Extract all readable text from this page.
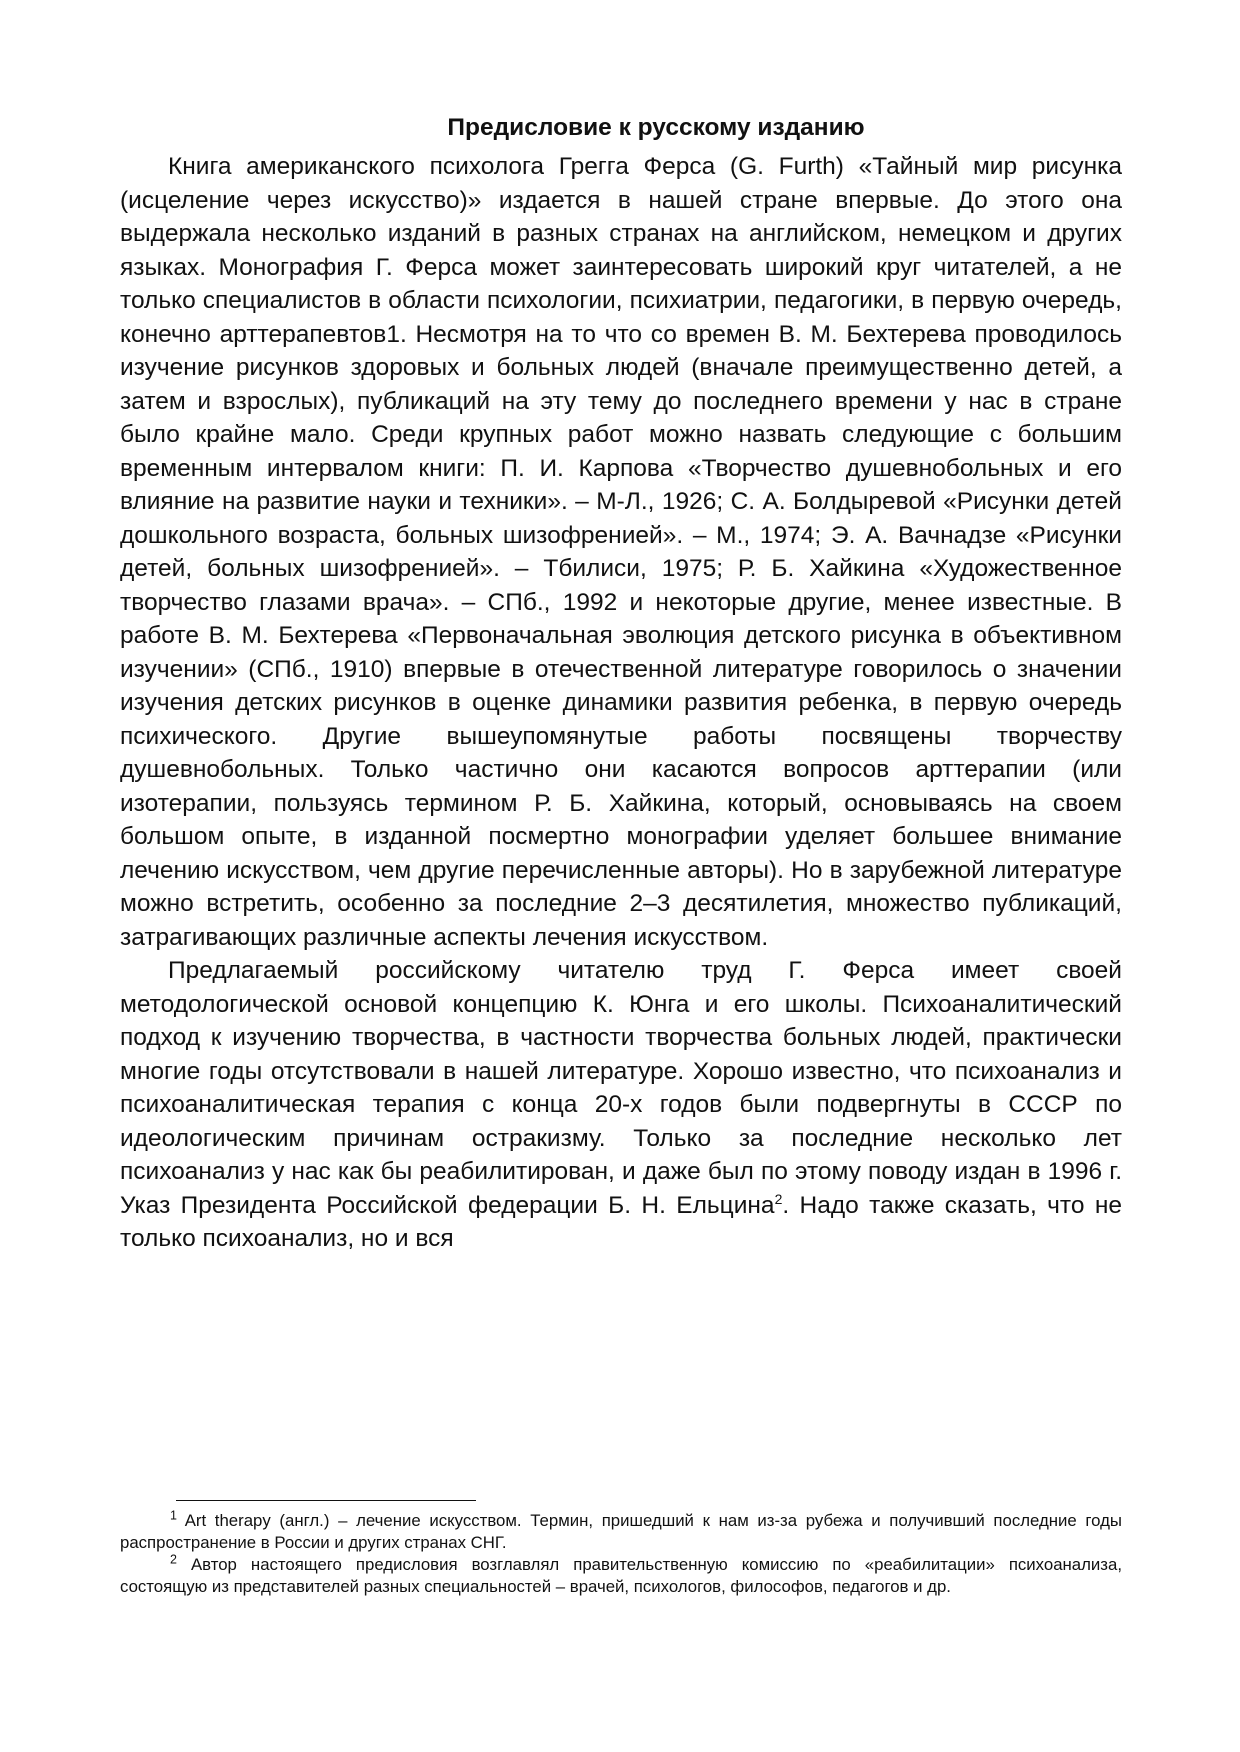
Предисловие к русскому изданию

Книга американского психолога Грегга Ферса (G. Furth) «Тайный мир рисунка (исцеление через искусство)» издается в нашей стране впервые. До этого она выдержала несколько изданий в разных странах на английском, немецком и других языках. Монография Г. Ферса может заинтересовать широкий круг читателей, а не только специалистов в области психологии, психиатрии, педагогики, в первую очередь, конечно арттерапевтов1. Несмотря на то что со времен В. М. Бехтерева проводилось изучение рисунков здоровых и больных людей (вначале преимущественно детей, а затем и взрослых), публикаций на эту тему до последнего времени у нас в стране было крайне мало. Среди крупных работ можно назвать следующие с большим временным интервалом книги: П. И. Карпова «Творчество душевнобольных и его влияние на развитие науки и техники». – М-Л., 1926; С. А. Болдыревой «Рисунки детей дошкольного возраста, больных шизофренией». – М., 1974; Э. А. Вачнадзе «Рисунки детей, больных шизофренией». – Тбилиси, 1975; Р. Б. Хайкина «Художественное творчество глазами врача». – СПб., 1992 и некоторые другие, менее известные. В работе В. М. Бехтерева «Первоначальная эволюция детского рисунка в объективном изучении» (СПб., 1910) впервые в отечественной литературе говорилось о значении изучения детских рисунков в оценке динамики развития ребенка, в первую очередь психического. Другие вышеупомянутые работы посвящены творчеству душевнобольных. Только частично они касаются вопросов арттерапии (или изотерапии, пользуясь термином Р. Б. Хайкина, который, основываясь на своем большом опыте, в изданной посмертно монографии уделяет большее внимание лечению искусством, чем другие перечисленные авторы). Но в зарубежной литературе можно встретить, особенно за последние 2–3 десятилетия, множество публикаций, затрагивающих различные аспекты лечения искусством.

Предлагаемый российскому читателю труд Г. Ферса имеет своей методологической основой концепцию К. Юнга и его школы. Психоаналитический подход к изучению творчества, в частности творчества больных людей, практически многие годы отсутствовали в нашей литературе. Хорошо известно, что психоанализ и психоаналитическая терапия с конца 20-х годов были подвергнуты в СССР по идеологическим причинам остракизму. Только за последние несколько лет психоанализ у нас как бы реабилитирован, и даже был по этому поводу издан в 1996 г. Указ Президента Российской федерации Б. Н. Ельцина$^2$. Надо также сказать, что не только психоанализ, но и вся

$^1$ Art therapy (англ.) – лечение искусством. Термин, пришедший к нам из-за рубежа и получивший последние годы распространение в России и других странах СНГ.

$^2$ Автор настоящего предисловия возглавлял правительственную комиссию по «реабилитации» психоанализа, состоящую из представителей разных специальностей – врачей, психологов, философов, педагогов и др.
